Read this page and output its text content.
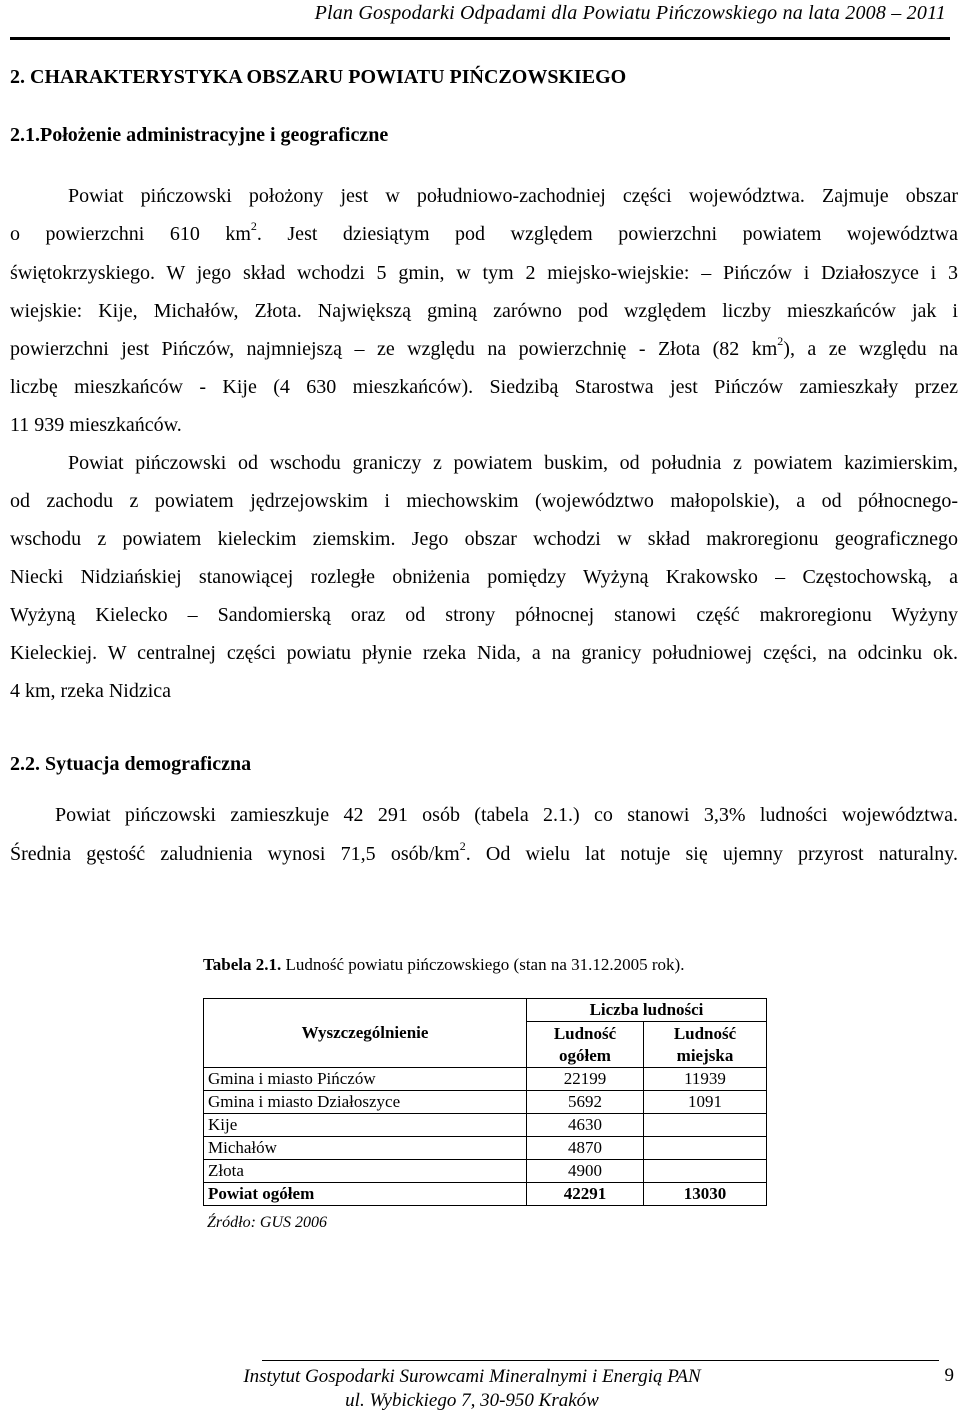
Plan Gospodarki Odpadami dla Powiatu Pińczowskiego na lata 2008 – 2011
2. CHARAKTERYSTYKA OBSZARU POWIATU PIŃCZOWSKIEGO
2.1.Położenie administracyjne i geograficzne
Powiat pińczowski położony jest w południowo-zachodniej części województwa. Zajmuje obszar
o powierzchni 610 $km^2$. Jest dziesiątym pod względem powierzchni powiatem województwa
świętokrzyskiego. W jego skład wchodzi 5 gmin, w tym 2 miejsko-wiejskie: – Pińczów i Działoszyce i 3
wiejskie: Kije, Michałów, Złota. Największą gminą zarówno pod względem liczby mieszkańców jak i
powierzchni jest Pińczów, najmniejszą – ze względu na powierzchnię - Złota (82 $km^2$), a ze względu na
liczbę mieszkańców - Kije (4 630 mieszkańców). Siedzibą Starostwa jest Pińczów zamieszkały przez
11 939 mieszkańców.
Powiat pińczowski od wschodu graniczy z powiatem buskim, od południa z powiatem kazimierskim,
od zachodu z powiatem jędrzejowskim i miechowskim (województwo małopolskie), a od północnego-
wschodu z powiatem kieleckim ziemskim. Jego obszar wchodzi w skład makroregionu geograficznego
Niecki Nidziańskiej stanowiącej rozległe obniżenia pomiędzy Wyżyną Krakowsko – Częstochowską, a
Wyżyną Kielecko – Sandomierską oraz od strony północnej stanowi część makroregionu Wyżyny
Kieleckiej. W centralnej części powiatu płynie rzeka Nida, a na granicy południowej części, na odcinku ok.
4 km, rzeka Nidzica
2.2. Sytuacja demograficzna
Powiat pińczowski zamieszkuje 42 291 osób (tabela 2.1.) co stanowi 3,3% ludności województwa.
Średnia gęstość zaludnienia wynosi 71,5 osób/$km^2$. Od wielu lat notuje się ujemny przyrost naturalny.
Tabela 2.1. Ludność powiatu pińczowskiego (stan na 31.12.2005 rok).
Wyszczególnienie	Liczba ludności	
	Ludność ogółem	Ludność miejska
Gmina i miasto Pińczów	22199	11939
Gmina i miasto Działoszyce	5692	1091
Kije	4630	
Michałów	4870	
Złota	4900	
Powiat ogółem	42291	13030
Źródło: GUS 2006
Instytut Gospodarki Surowcami Mineralnymi i Energią PAN
ul. Wybickiego 7, 30-950 Kraków
9
